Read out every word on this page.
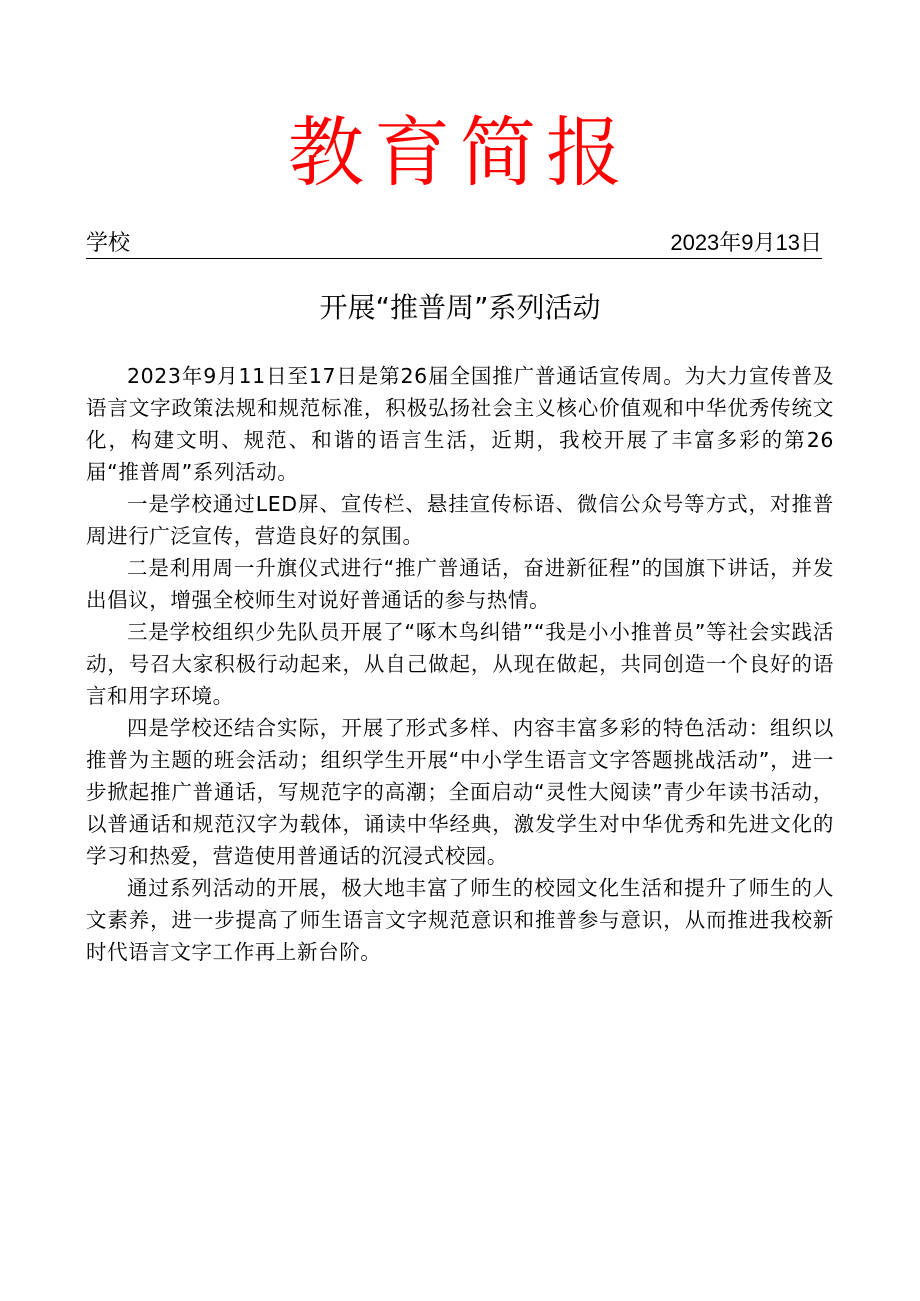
教育简报
学校	2023年9月13日
开展“推普周”系列活动

2023年9月11日至17日是第26届全国推广普通话宣传周。为大力宣传普及语言文字政策法规和规范标准，积极弘扬社会主义核心价值观和中华优秀传统文化，构建文明、规范、和谐的语言生活，近期，我校开展了丰富多彩的第26届“推普周”系列活动。

一是学校通过LED屏、宣传栏、悬挂宣传标语、微信公众号等方式，对推普周进行广泛宣传，营造良好的氛围。

二是利用周一升旗仪式进行“推广普通话，奋进新征程”的国旗下讲话，并发出倡议，增强全校师生对说好普通话的参与热情。

三是学校组织少先队员开展了“啄木鸟纠错”“我是小小推普员”等社会实践活动，号召大家积极行动起来，从自己做起，从现在做起，共同创造一个良好的语言和用字环境。

四是学校还结合实际，开展了形式多样、内容丰富多彩的特色活动：组织以推普为主题的班会活动；组织学生开展“中小学生语言文字答题挑战活动”，进一步掀起推广普通话，写规范字的高潮；全面启动“灵性大阅读”青少年读书活动，以普通话和规范汉字为载体，诵读中华经典，激发学生对中华优秀和先进文化的学习和热爱，营造使用普通话的沉浸式校园。

通过系列活动的开展，极大地丰富了师生的校园文化生活和提升了师生的人文素养，进一步提高了师生语言文字规范意识和推普参与意识，从而推进我校新时代语言文字工作再上新台阶。
